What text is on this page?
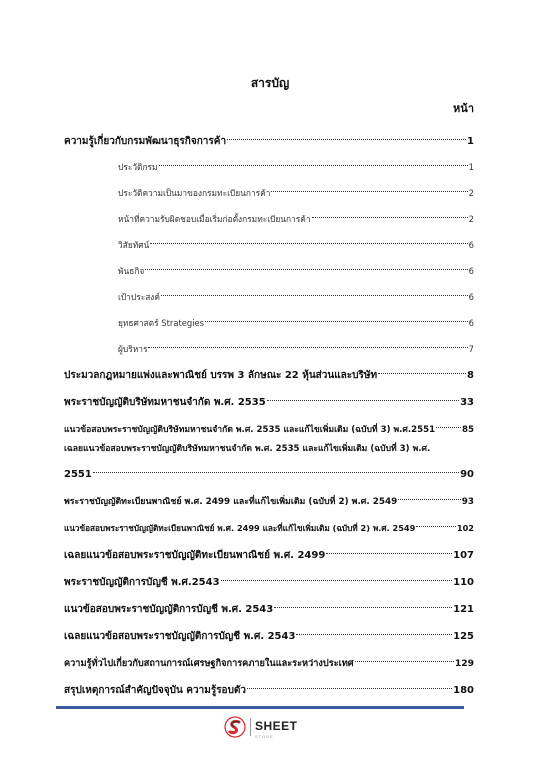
สารบัญ
หน้า
ความรู้เกี่ยวกับกรมพัฒนาธุรกิจการค้า	1
ประวัติกรม	1
ประวัติความเป็นมาของกรมทะเบียนการค้า	2
หน้าที่ความรับผิดชอบเมื่อเริ่มก่อตั้งกรมทะเบียนการค้า	2
วิสัยทัศน์	6
พันธกิจ	6
เป้าประสงค์	6
ยุทธศาสตร์ Strategies	6
ผู้บริหาร	7
ประมวลกฎหมายแพ่งและพาณิชย์ บรรพ 3 ลักษณะ 22 หุ้นส่วนและบริษัท	8
พระราชบัญญัติบริษัทมหาชนจำกัด พ.ศ. 2535	33
แนวข้อสอบพระราชบัญญัติบริษัทมหาชนจำกัด พ.ศ. 2535 และแก้ไขเพิ่มเติม (ฉบับที่ 3) พ.ศ.2551	85
เฉลยแนวข้อสอบพระราชบัญญัติบริษัทมหาชนจำกัด พ.ศ. 2535 และแก้ไขเพิ่มเติม (ฉบับที่ 3) พ.ศ.
2551	90
พระราชบัญญัติทะเบียนพาณิชย์ พ.ศ. 2499 และที่แก้ไขเพิ่มเติม (ฉบับที่ 2) พ.ศ. 2549	93
แนวข้อสอบพระราชบัญญัติทะเบียนพาณิชย์ พ.ศ. 2499 และที่แก้ไขเพิ่มเติม (ฉบับที่ 2) พ.ศ. 2549	102
เฉลยแนวข้อสอบพระราชบัญญัติทะเบียนพาณิชย์ พ.ศ. 2499	107
พระราชบัญญัติการบัญชี พ.ศ.2543	110
แนวข้อสอบพระราชบัญญัติการบัญชี พ.ศ. 2543	121
เฉลยแนวข้อสอบพระราชบัญญัติการบัญชี พ.ศ. 2543	125
ความรู้ทั่วไปเกี่ยวกับสถานการณ์เศรษฐกิจการคภายในและระหว่างประเทศ	129
สรุปเหตุการณ์สำคัญปัจจุบัน ความรู้รอบตัว	180
SHEET
STORE
